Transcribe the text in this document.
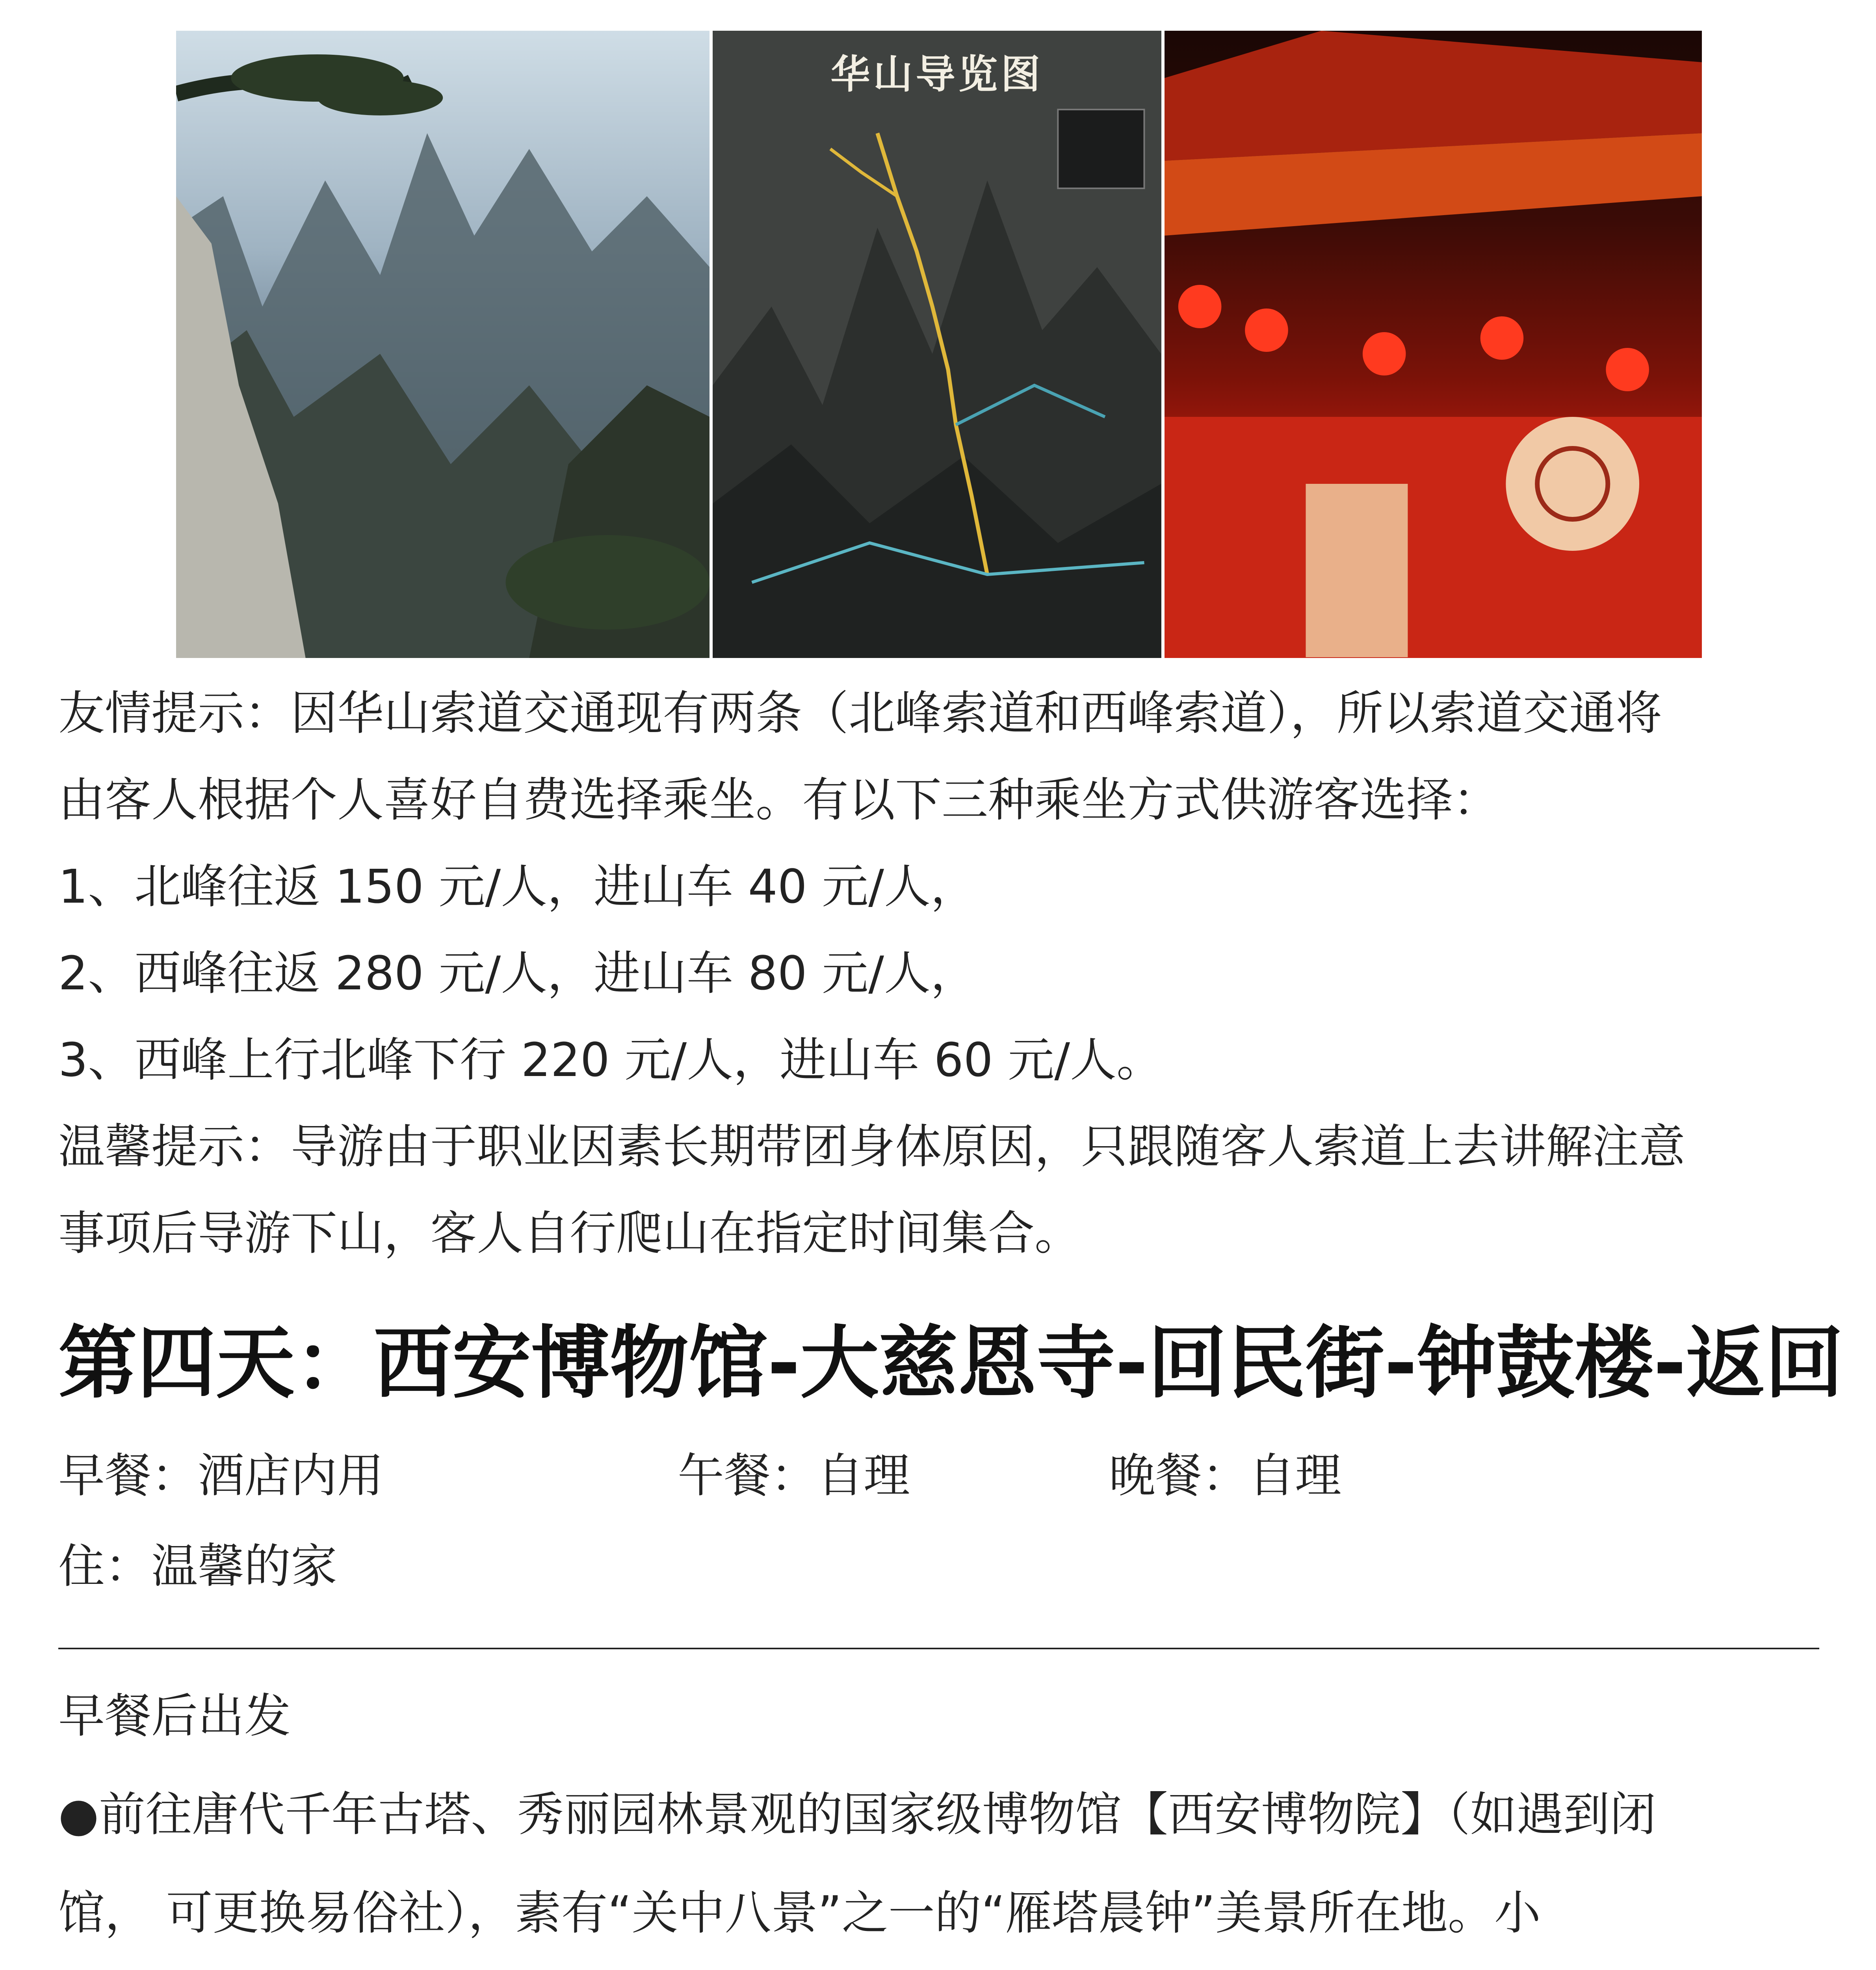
华山导览图
友情提示：因华山索道交通现有两条（北峰索道和西峰索道），所以索道交通将
由客人根据个人喜好自费选择乘坐。有以下三种乘坐方式供游客选择：
1、北峰往返 150 元/人，进山车 40 元/人，
2、西峰往返 280 元/人，进山车 80 元/人，
3、西峰上行北峰下行 220 元/人，进山车 60 元/人。
温馨提示：导游由于职业因素长期带团身体原因，只跟随客人索道上去讲解注意
事项后导游下山，客人自行爬山在指定时间集合。
第四天：西安博物馆-大慈恩寺-回民街-钟鼓楼-返回
早餐：酒店内用	午餐：自理	晚餐：自理
住：温馨的家
早餐后出发
●前往唐代千年古塔、秀丽园林景观的国家级博物馆【西安博物院】（如遇到闭
馆， 可更换易俗社），素有“关中八景”之一的“雁塔晨钟”美景所在地。小
